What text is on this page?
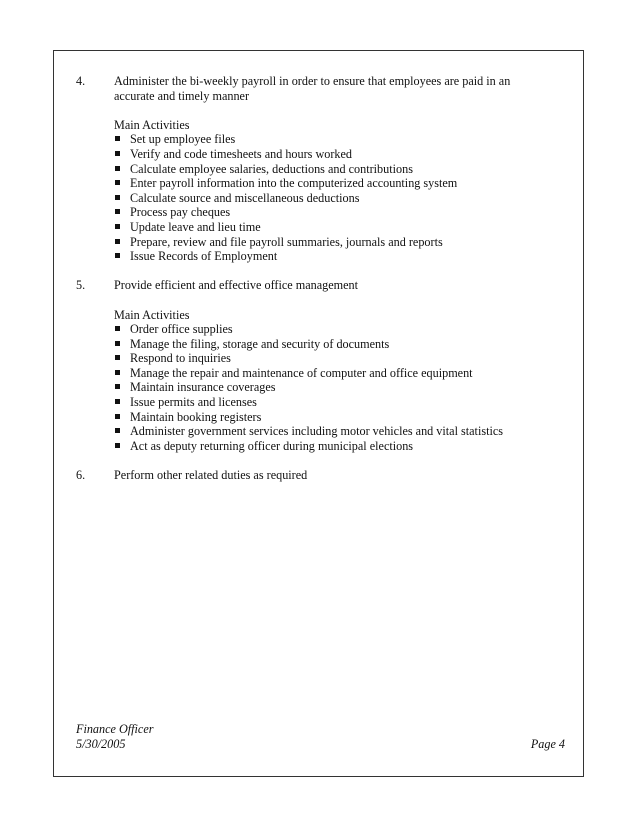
4.	Administer the bi-weekly payroll in order to ensure that employees are paid in an accurate and timely manner
Main Activities
Set up employee files
Verify and code timesheets and hours worked
Calculate employee salaries, deductions and contributions
Enter payroll information into the computerized accounting system
Calculate source and miscellaneous deductions
Process pay cheques
Update leave and lieu time
Prepare, review and file payroll summaries, journals and reports
Issue Records of Employment
5.	Provide efficient and effective office management
Main Activities
Order office supplies
Manage the filing, storage and security of documents
Respond to inquiries
Manage the repair and maintenance of computer and office equipment
Maintain insurance coverages
Issue permits and licenses
Maintain booking registers
Administer government services including motor vehicles and vital statistics
Act as deputy returning officer during municipal elections
6.	Perform other related duties as required
Finance Officer
5/30/2005	Page 4
